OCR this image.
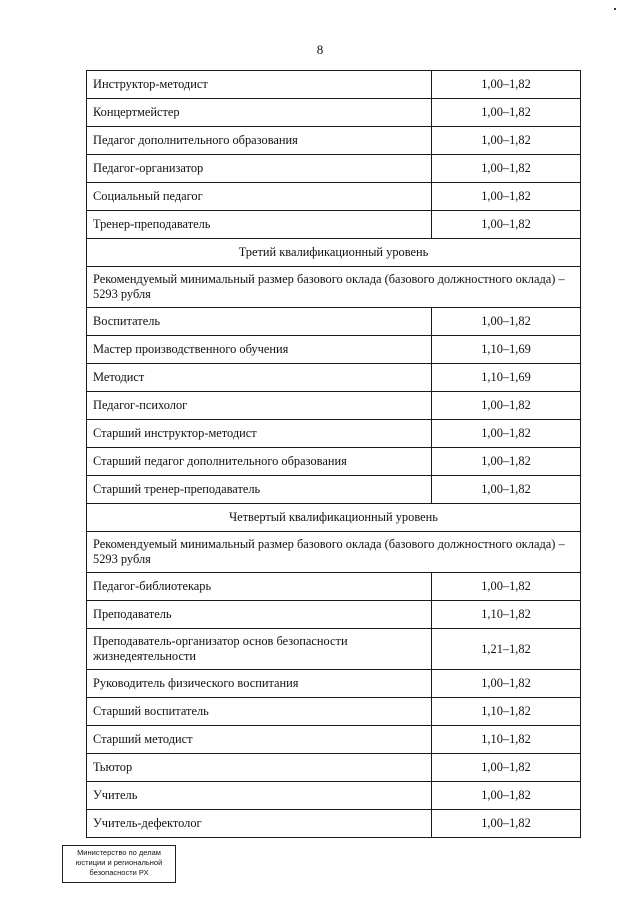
8
Инструктор-методист	1,00–1,82
Концертмейстер	1,00–1,82
Педагог дополнительного образования	1,00–1,82
Педагог-организатор	1,00–1,82
Социальный педагог	1,00–1,82
Тренер-преподаватель	1,00–1,82
Третий квалификационный уровень	
Рекомендуемый минимальный размер базового оклада (базового должностного оклада) – 5293 рубля	
Воспитатель	1,00–1,82
Мастер производственного обучения	1,10–1,69
Методист	1,10–1,69
Педагог-психолог	1,00–1,82
Старший инструктор-методист	1,00–1,82
Старший педагог дополнительного образования	1,00–1,82
Старший тренер-преподаватель	1,00–1,82
Четвертый квалификационный уровень	
Рекомендуемый минимальный размер базового оклада (базового должностного оклада) – 5293 рубля	
Педагог-библиотекарь	1,00–1,82
Преподаватель	1,10–1,82
Преподаватель-организатор основ безопасности жизнедеятельности	1,21–1,82
Руководитель физического воспитания	1,00–1,82
Старший воспитатель	1,10–1,82
Старший методист	1,10–1,82
Тьютор	1,00–1,82
Учитель	1,00–1,82
Учитель-дефектолог	1,00–1,82
Министерство по делам
юстиции и региональной
безопасности РХ
